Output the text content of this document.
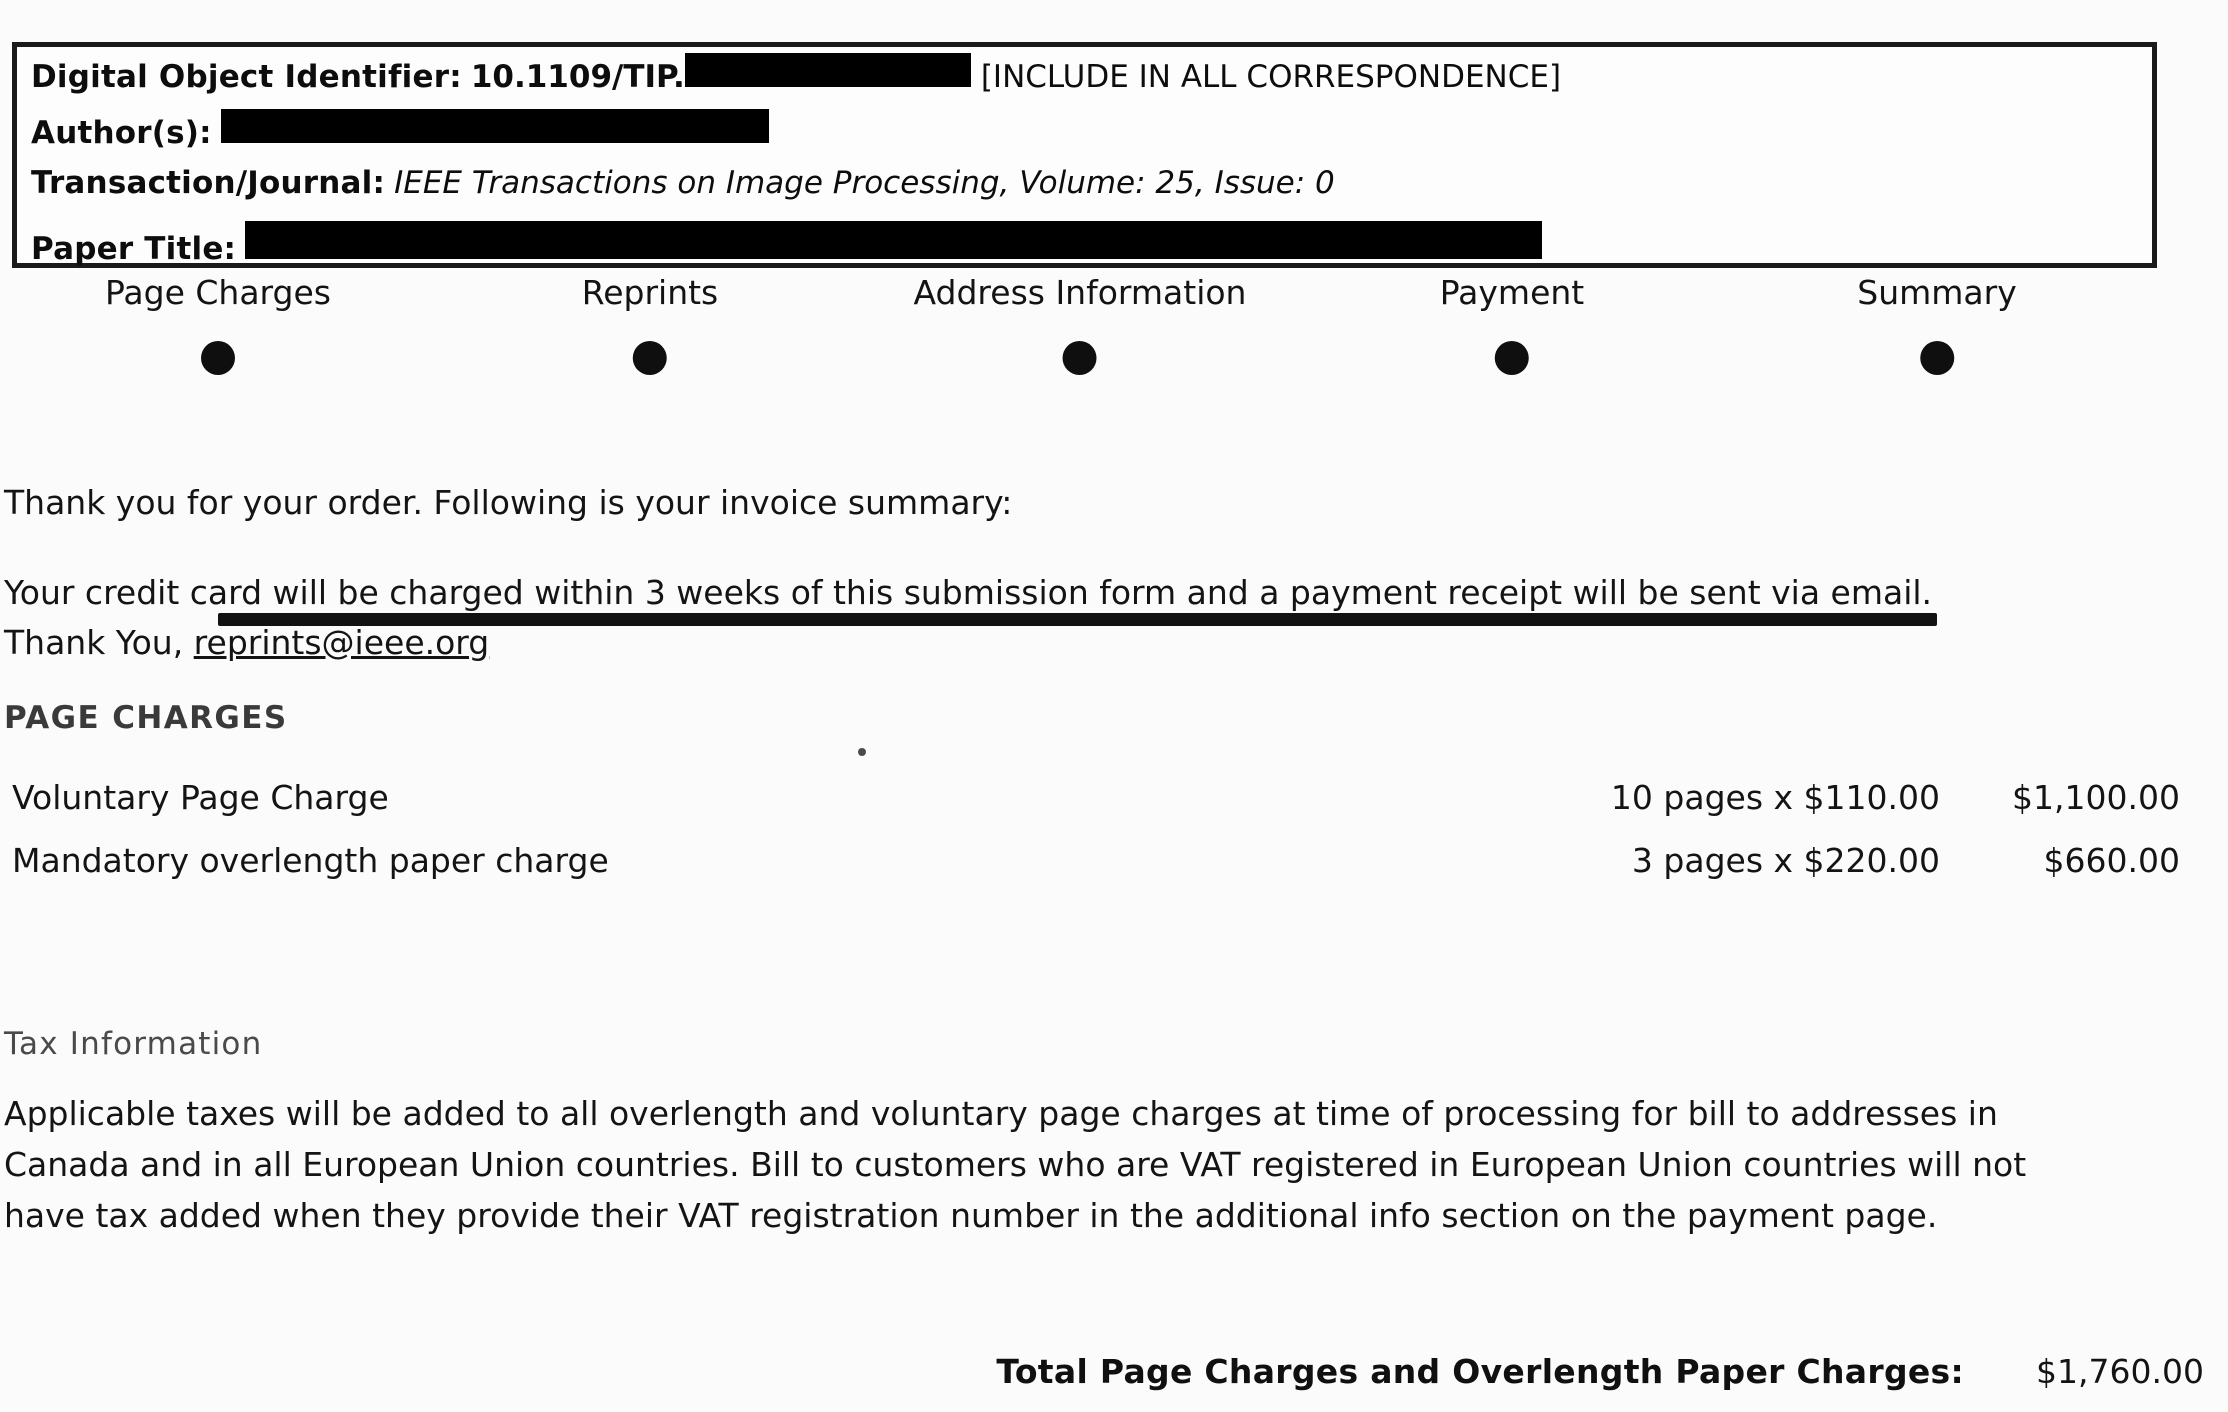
Digital Object Identifier: 10.1109/TIP.	[INCLUDE IN ALL CORRESPONDENCE]
Author(s):
Transaction/Journal: IEEE Transactions on Image Processing, Volume: 25, Issue: 0
Paper Title:
Page Charges	Reprints	Address Information	Payment	Summary
Thank you for your order. Following is your invoice summary:
Your credit card will be charged within 3 weeks of this submission form and a payment receipt will be sent via email.
Thank You, reprints@ieee.org
PAGE CHARGES
Voluntary Page Charge	10 pages x $110.00	$1,100.00
Mandatory overlength paper charge	3 pages x $220.00	$660.00
Tax Information
Applicable taxes will be added to all overlength and voluntary page charges at time of processing for bill to addresses in Canada and in all European Union countries. Bill to customers who are VAT registered in European Union countries will not have tax added when they provide their VAT registration number in the additional info section on the payment page.
Total Page Charges and Overlength Paper Charges:	$1,760.00
